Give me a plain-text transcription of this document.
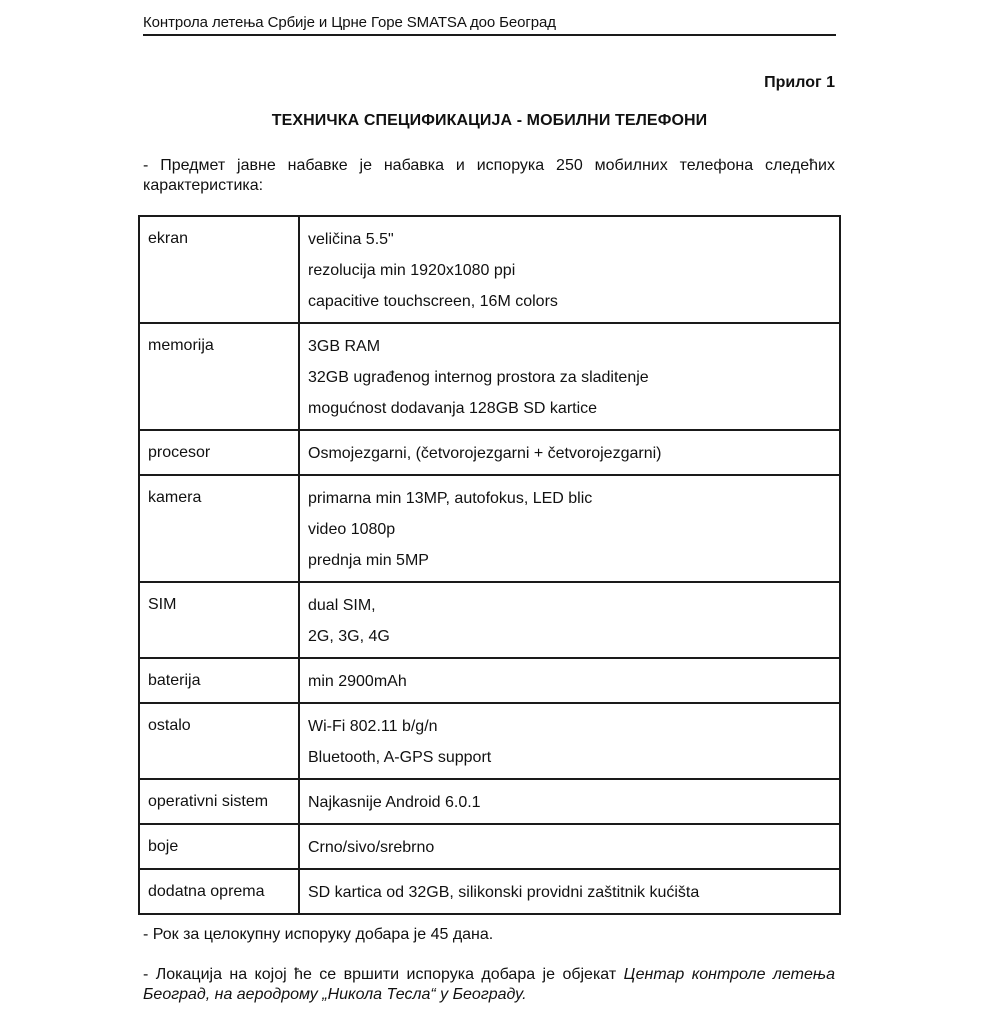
Контрола летења Србије и Црне Горе SMATSA доо Београд
Прилог 1
ТЕХНИЧКА СПЕЦИФИКАЦИЈА - МОБИЛНИ ТЕЛЕФОНИ
- Предмет јавне набавке је набавка и испорука 250 мобилних телефона следећих карактеристика:
ekran	veličina 5.5"
rezolucija min 1920x1080 ppi
capacitive touchscreen, 16M colors

memorija	3GB RAM
32GB ugrađenog internog prostora za sladitenje
mogućnost dodavanja 128GB SD kartice

procesor	Osmojezgarni, (četvorojezgarni + četvorojezgarni)

kamera	primarna min 13MP, autofokus, LED blic
video 1080p
prednja min 5MP

SIM	dual SIM,
2G, 3G, 4G

baterija	min 2900mAh

ostalo	Wi-Fi 802.11 b/g/n
Bluetooth, A-GPS support

operativni sistem	Najkasnije Android 6.0.1

boje	Crno/sivo/srebrno

dodatna oprema	SD kartica od 32GB, silikonski providni zaštitnik kućišta
- Рок за целокупну испоруку добара је 45 дана.
- Локација на којој ће се вршити испорука добара је објекат Центар контроле летења Београд, на аеродрому „Никола Тесла“ у Београду.
